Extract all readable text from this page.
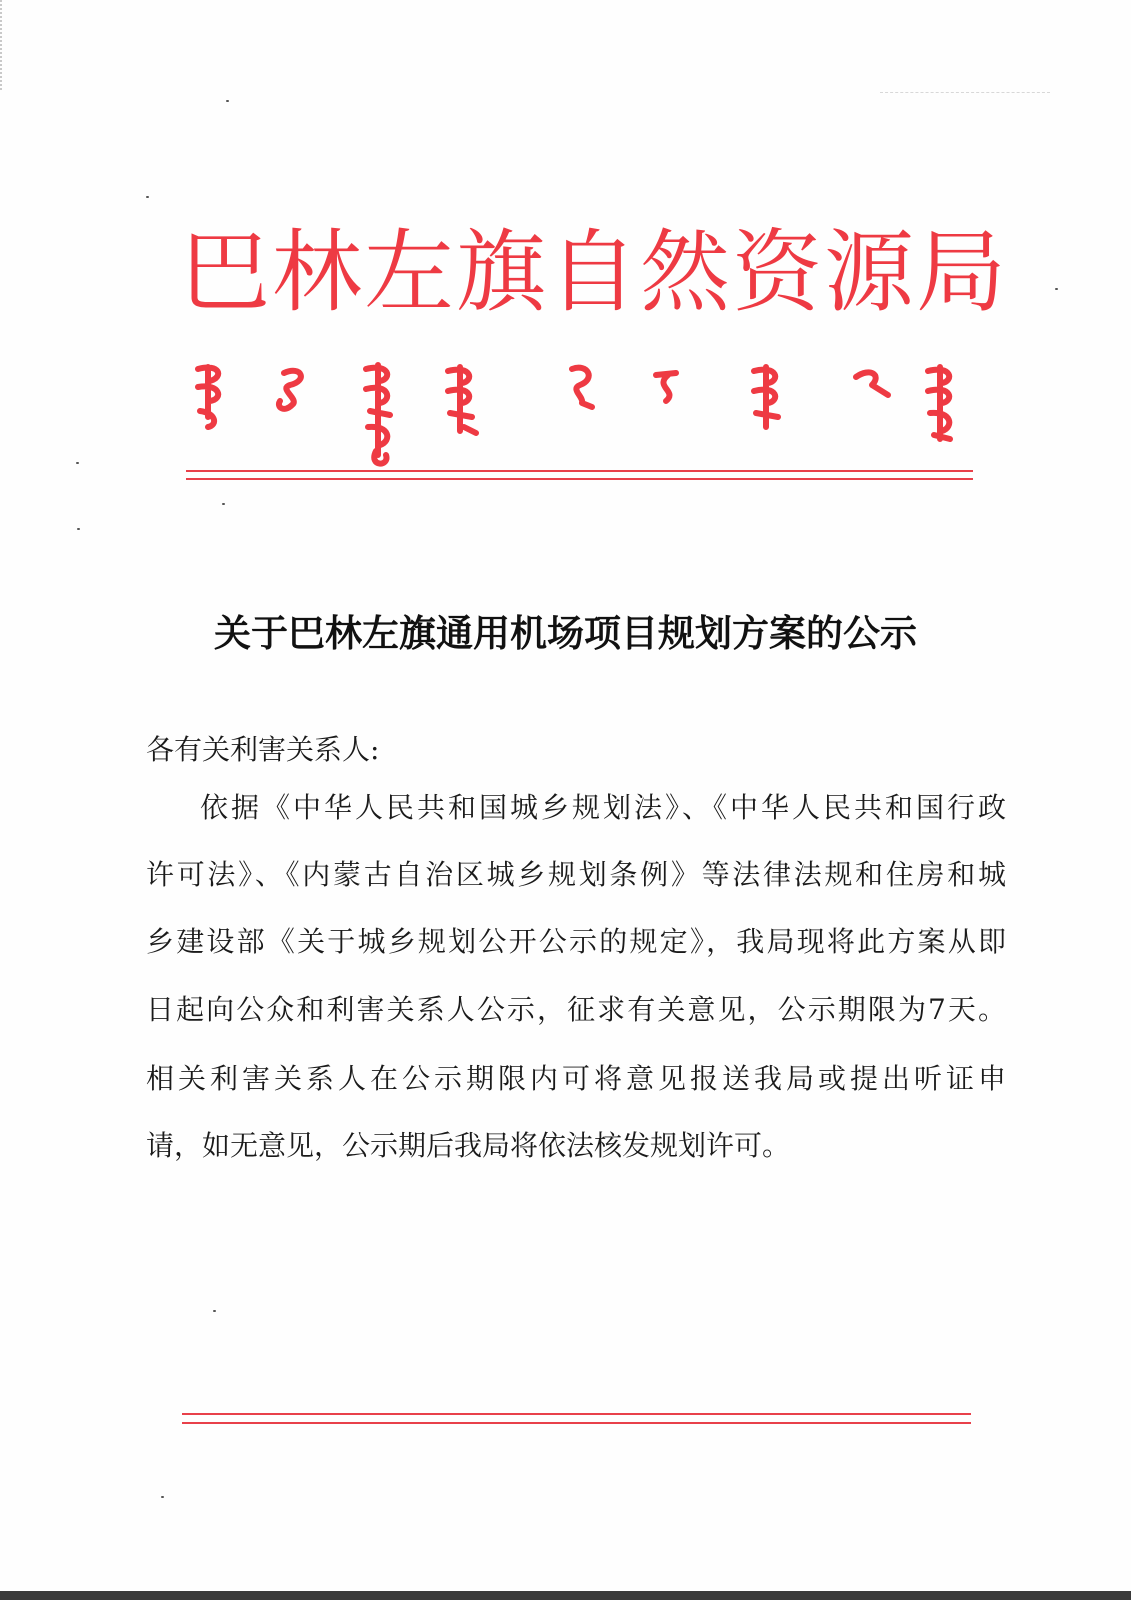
巴林左旗自然资源局
关于巴林左旗通用机场项目规划方案的公示
各有关利害关系人:
依据《中华人民共和国城乡规划法》、《中华人民共和国行政
许可法》、《内蒙古自治区城乡规划条例》等法律法规和住房和城
乡建设部《关于城乡规划公开公示的规定》，我局现将此方案从即
日起向公众和利害关系人公示，征求有关意见，公示期限为7天。
相关利害关系人在公示期限内可将意见报送我局或提出听证申
请，如无意见，公示期后我局将依法核发规划许可。
